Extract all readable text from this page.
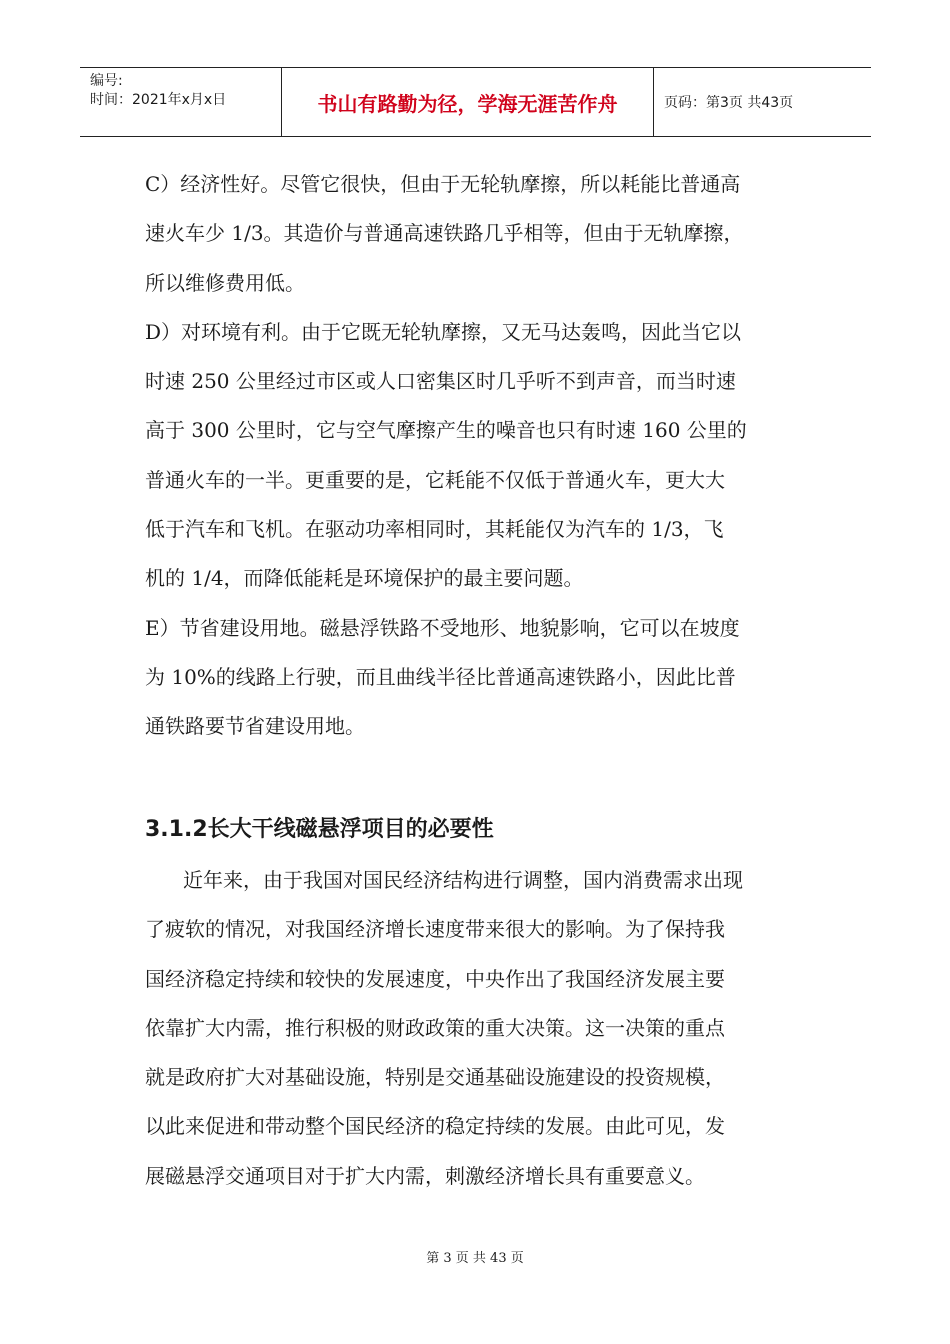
编号:
时间：2021年x月x日	书山有路勤为径，学海无涯苦作舟	页码：第3页 共43页

C）经济性好。尽管它很快，但由于无轮轨摩擦，所以耗能比普通高

速火车少 1/3。其造价与普通高速铁路几乎相等，但由于无轨摩擦，

所以维修费用低。

D）对环境有利。由于它既无轮轨摩擦，又无马达轰鸣，因此当它以

时速 250 公里经过市区或人口密集区时几乎听不到声音，而当时速

高于 300 公里时，它与空气摩擦产生的噪音也只有时速 160 公里的

普通火车的一半。更重要的是，它耗能不仅低于普通火车，更大大

低于汽车和飞机。在驱动功率相同时，其耗能仅为汽车的 1/3，飞

机的 1/4，而降低能耗是环境保护的最主要问题。

E）节省建设用地。磁悬浮铁路不受地形、地貌影响，它可以在坡度

为 10%的线路上行驶，而且曲线半径比普通高速铁路小，因此比普

通铁路要节省建设用地。

3.1.2长大干线磁悬浮项目的必要性

近年来，由于我国对国民经济结构进行调整，国内消费需求出现

了疲软的情况，对我国经济增长速度带来很大的影响。为了保持我

国经济稳定持续和较快的发展速度，中央作出了我国经济发展主要

依靠扩大内需，推行积极的财政政策的重大决策。这一决策的重点

就是政府扩大对基础设施，特别是交通基础设施建设的投资规模，

以此来促进和带动整个国民经济的稳定持续的发展。由此可见，发

展磁悬浮交通项目对于扩大内需，刺激经济增长具有重要意义。

第 3 页 共 43 页
